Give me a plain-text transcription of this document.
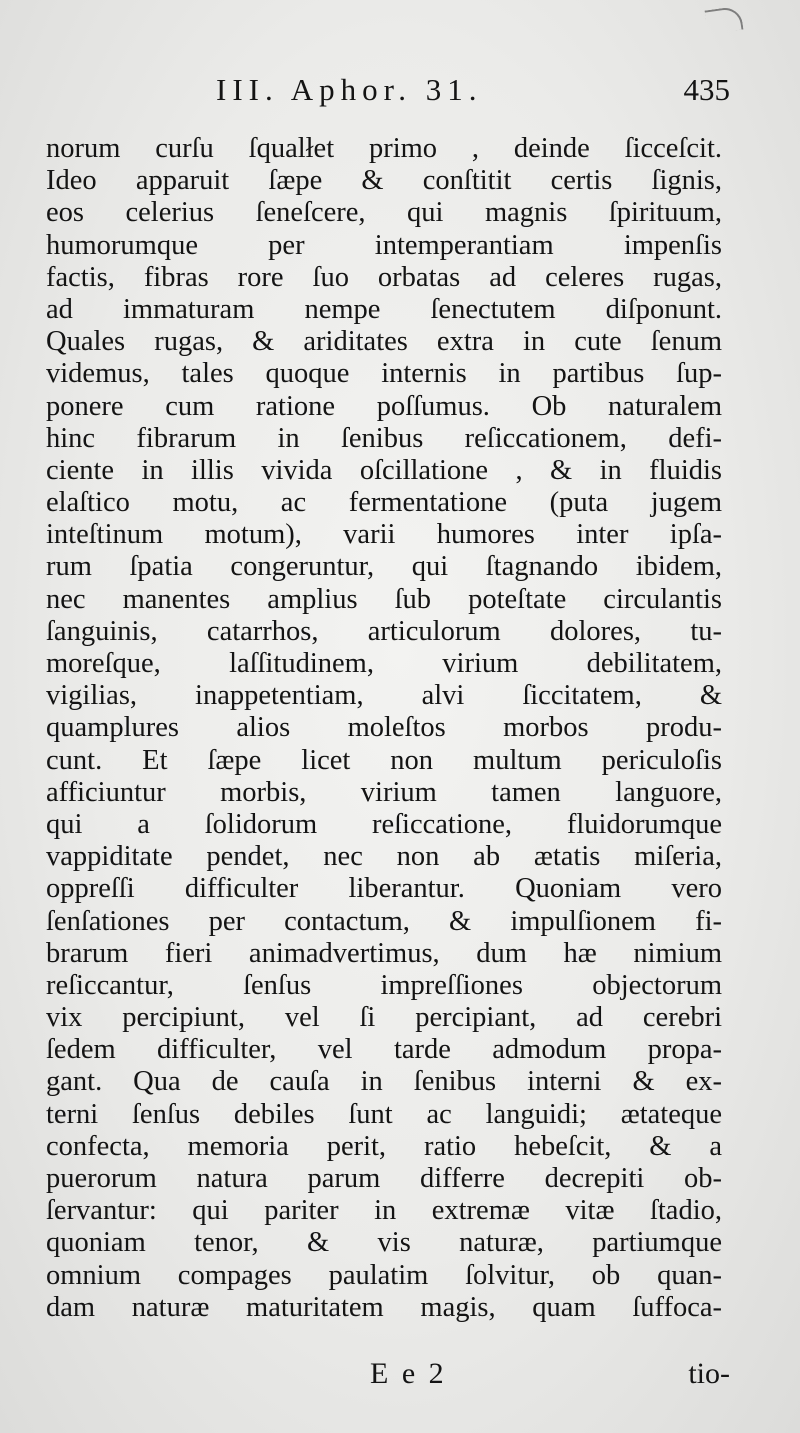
III. Aphor. 31.	435
norum curſu ſqualłet primo , deinde ſicceſcit.
Ideo apparuit ſæpe & conſtitit certis ſignis,
eos celerius ſeneſcere, qui magnis ſpirituum,
humorumque per intemperantiam impenſis
factis, fibras rore ſuo orbatas ad celeres rugas,
ad immaturam nempe ſenectutem diſponunt.
Quales rugas, & ariditates extra in cute ſenum
videmus, tales quoque internis in partibus ſup-
ponere cum ratione poſſumus. Ob naturalem
hinc fibrarum in ſenibus reſiccationem, defi-
ciente in illis vivida oſcillatione , & in fluidis
elaſtico motu, ac fermentatione (puta jugem
inteſtinum motum), varii humores inter ipſa-
rum ſpatia congeruntur, qui ſtagnando ibidem,
nec manentes amplius ſub poteſtate circulantis
ſanguinis, catarrhos, articulorum dolores, tu-
moreſque, laſſitudinem, virium debilitatem,
vigilias, inappetentiam, alvi ſiccitatem, &
quamplures alios moleſtos morbos produ-
cunt. Et ſæpe licet non multum periculoſis
afficiuntur morbis, virium tamen languore,
qui a ſolidorum reſiccatione, fluidorumque
vappiditate pendet, nec non ab ætatis miſeria,
oppreſſi difficulter liberantur. Quoniam vero
ſenſationes per contactum, & impulſionem fi-
brarum fieri animadvertimus, dum hæ nimium
reſiccantur, ſenſus impreſſiones objectorum
vix percipiunt, vel ſi percipiant, ad cerebri
ſedem difficulter, vel tarde admodum propa-
gant. Qua de cauſa in ſenibus interni & ex-
terni ſenſus debiles ſunt ac languidi; ætateque
confecta, memoria perit, ratio hebeſcit, & a
puerorum natura parum differre decrepiti ob-
ſervantur: qui pariter in extremæ vitæ ſtadio,
quoniam tenor, & vis naturæ, partiumque
omnium compages paulatim ſolvitur, ob quan-
dam naturæ maturitatem magis, quam ſuffoca-
E e 2	tio-
